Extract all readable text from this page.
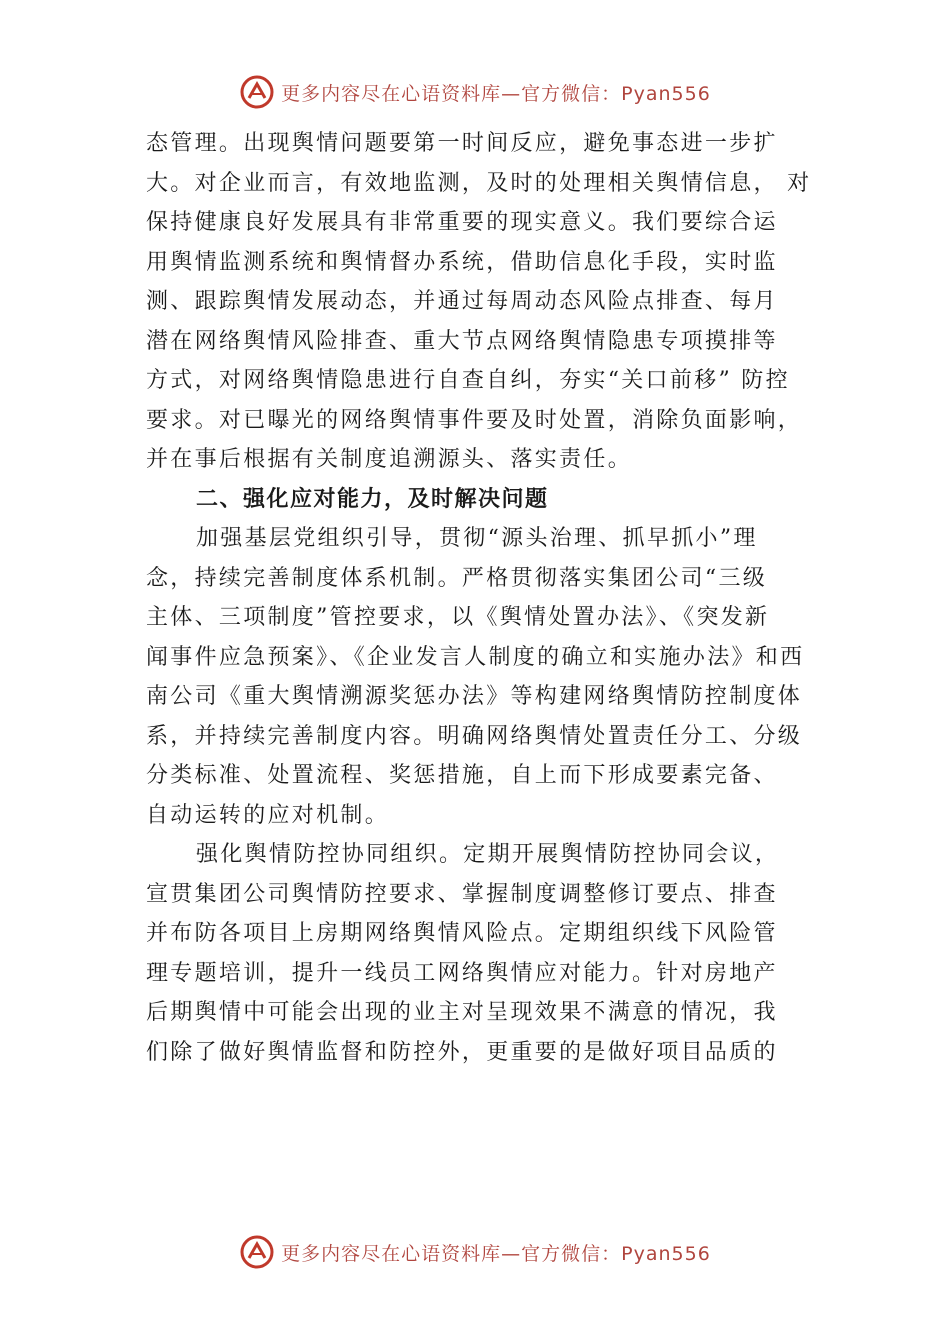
更多内容尽在心语资料库—官方微信：Pyan556
态管理。出现舆情问题要第一时间反应，避免事态进一步扩
大。对企业而言，有效地监测，及时的处理相关舆情信息， 对
保持健康良好发展具有非常重要的现实意义。我们要综合运
用舆情监测系统和舆情督办系统，借助信息化手段，实时监
测、跟踪舆情发展动态，并通过每周动态风险点排查、每月
潜在网络舆情风险排查、重大节点网络舆情隐患专项摸排等
方式，对网络舆情隐患进行自查自纠，夯实“关口前移” 防控
要求。对已曝光的网络舆情事件要及时处置，消除负面影响，
并在事后根据有关制度追溯源头、落实责任。
二、强化应对能力，及时解决问题
加强基层党组织引导，贯彻“源头治理、抓早抓小”理
念，持续完善制度体系机制。严格贯彻落实集团公司“三级
主体、三项制度”管控要求，以《舆情处置办法》、《突发新
闻事件应急预案》、《企业发言人制度的确立和实施办法》和西
南公司《重大舆情溯源奖惩办法》等构建网络舆情防控制度体
系，并持续完善制度内容。明确网络舆情处置责任分工、分级
分类标准、处置流程、奖惩措施，自上而下形成要素完备、
自动运转的应对机制。
强化舆情防控协同组织。定期开展舆情防控协同会议，
宣贯集团公司舆情防控要求、掌握制度调整修订要点、排查
并布防各项目上房期网络舆情风险点。定期组织线下风险管
理专题培训，提升一线员工网络舆情应对能力。针对房地产
后期舆情中可能会出现的业主对呈现效果不满意的情况，我
们除了做好舆情监督和防控外，更重要的是做好项目品质的
更多内容尽在心语资料库—官方微信：Pyan556
